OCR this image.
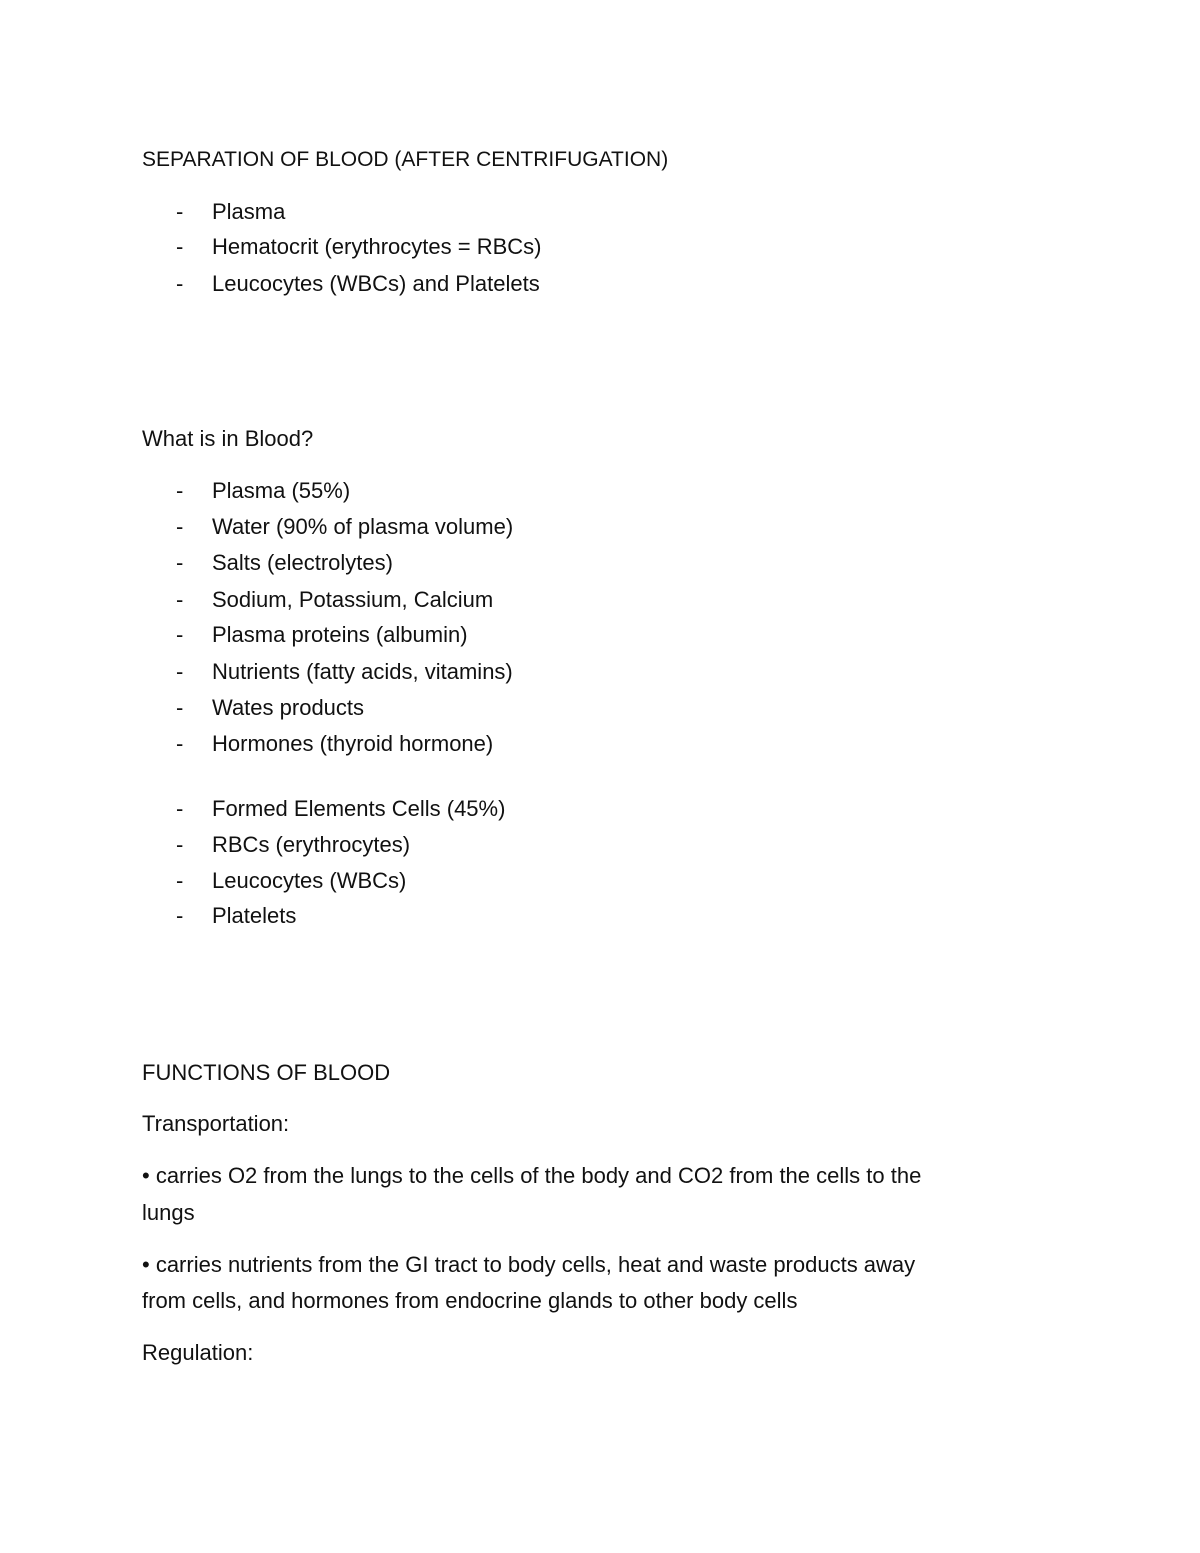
SEPARATION OF BLOOD (AFTER CENTRIFUGATION)
- Plasma
- Hematocrit (erythrocytes = RBCs)
- Leucocytes (WBCs) and Platelets
What is in Blood?
- Plasma (55%)
- Water (90% of plasma volume)
- Salts (electrolytes)
- Sodium, Potassium, Calcium
- Plasma proteins (albumin)
- Nutrients (fatty acids, vitamins)
- Wates products
- Hormones (thyroid hormone)
- Formed Elements Cells (45%)
- RBCs (erythrocytes)
- Leucocytes (WBCs)
- Platelets
FUNCTIONS OF BLOOD
Transportation:
• carries O2 from the lungs to the cells of the body and CO2 from the cells to the
lungs
• carries nutrients from the GI tract to body cells, heat and waste products away
from cells, and hormones from endocrine glands to other body cells
Regulation:
